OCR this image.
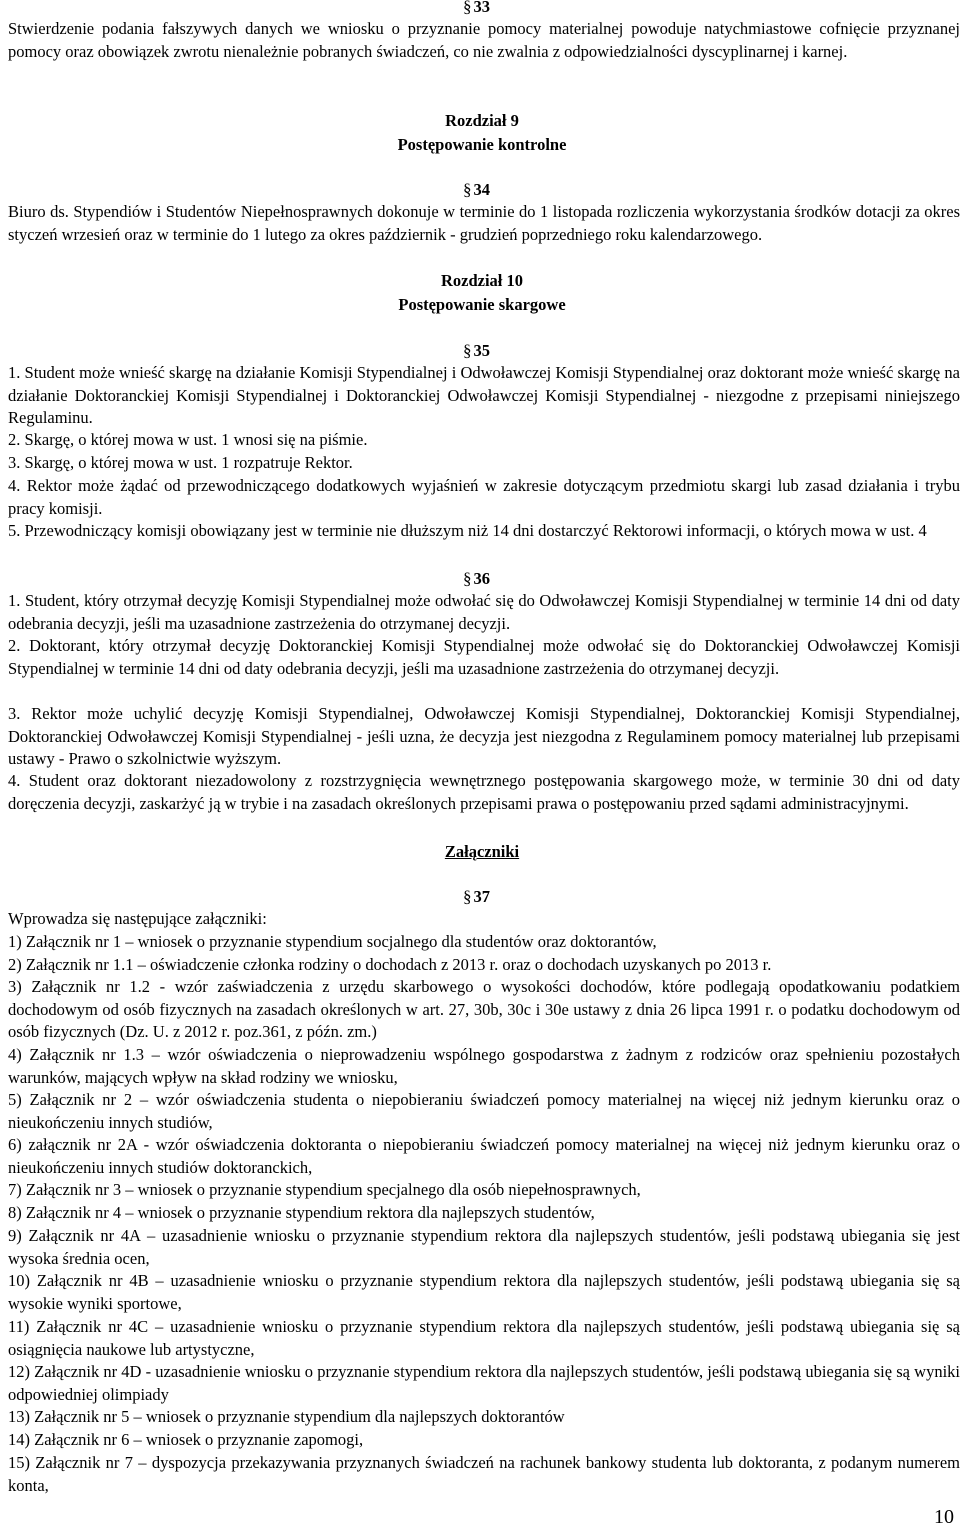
§ 33
Stwierdzenie podania fałszywych danych we wniosku o przyznanie pomocy materialnej powoduje natychmiastowe cofnięcie przyznanej pomocy oraz obowiązek zwrotu nienależnie pobranych świadczeń, co nie zwalnia z odpowiedzialności dyscyplinarnej i karnej.
Rozdział 9
Postępowanie kontrolne
§ 34
Biuro ds. Stypendiów i Studentów Niepełnosprawnych dokonuje w terminie do 1 listopada rozliczenia wykorzystania środków dotacji za okres styczeń wrzesień oraz w terminie do 1 lutego za okres październik - grudzień poprzedniego roku kalendarzowego.
Rozdział 10
Postępowanie skargowe
§ 35
1. Student może wnieść skargę na działanie Komisji Stypendialnej i Odwoławczej Komisji Stypendialnej oraz doktorant może wnieść skargę na działanie Doktoranckiej Komisji Stypendialnej i Doktoranckiej Odwoławczej Komisji Stypendialnej - niezgodne z przepisami niniejszego Regulaminu.
2. Skargę, o której mowa w ust. 1 wnosi się na piśmie.
3. Skargę, o której mowa w ust. 1 rozpatruje Rektor.
4. Rektor może żądać od przewodniczącego dodatkowych wyjaśnień w zakresie dotyczącym przedmiotu skargi lub zasad działania i trybu pracy komisji.
5. Przewodniczący komisji obowiązany jest w terminie nie dłuższym niż 14 dni dostarczyć Rektorowi informacji, o których mowa w ust. 4
§ 36
1. Student, który otrzymał decyzję Komisji Stypendialnej może odwołać się do Odwoławczej Komisji Stypendialnej w terminie 14 dni od daty odebrania decyzji, jeśli ma uzasadnione zastrzeżenia do otrzymanej decyzji.
2. Doktorant, który otrzymał decyzję Doktoranckiej Komisji Stypendialnej może odwołać się do Doktoranckiej Odwoławczej Komisji Stypendialnej w terminie 14 dni od daty odebrania decyzji, jeśli ma uzasadnione zastrzeżenia do otrzymanej decyzji.
3. Rektor może uchylić decyzję Komisji Stypendialnej, Odwoławczej Komisji Stypendialnej, Doktoranckiej Komisji Stypendialnej, Doktoranckiej Odwoławczej Komisji Stypendialnej - jeśli uzna, że decyzja jest niezgodna z Regulaminem pomocy materialnej lub przepisami ustawy - Prawo o szkolnictwie wyższym.
4. Student oraz doktorant niezadowolony z rozstrzygnięcia wewnętrznego postępowania skargowego może, w terminie 30 dni od daty doręczenia decyzji, zaskarżyć ją w trybie i na zasadach określonych przepisami prawa o postępowaniu przed sądami administracyjnymi.
Załączniki
§ 37
Wprowadza się następujące załączniki:
1) Załącznik nr 1 – wniosek o przyznanie stypendium socjalnego dla studentów oraz doktorantów,
2) Załącznik nr 1.1 – oświadczenie członka rodziny o dochodach z 2013 r. oraz o dochodach uzyskanych po 2013 r.
3) Załącznik nr 1.2 - wzór zaświadczenia z urzędu skarbowego o wysokości dochodów, które podlegają opodatkowaniu podatkiem dochodowym od osób fizycznych na zasadach określonych w art. 27, 30b, 30c i 30e ustawy z dnia 26 lipca 1991 r. o podatku dochodowym od osób fizycznych (Dz. U. z 2012 r. poz.361, z późn. zm.)
4) Załącznik nr 1.3 – wzór oświadczenia o nieprowadzeniu wspólnego gospodarstwa z żadnym z rodziców oraz spełnieniu pozostałych warunków, mających wpływ na skład rodziny we wniosku,
5) Załącznik nr 2 – wzór oświadczenia studenta o niepobieraniu świadczeń pomocy materialnej na więcej niż jednym kierunku oraz o nieukończeniu innych studiów,
6) załącznik nr 2A - wzór oświadczenia doktoranta o niepobieraniu świadczeń pomocy materialnej na więcej niż jednym kierunku oraz o nieukończeniu innych studiów doktoranckich,
7) Załącznik nr 3 – wniosek o przyznanie stypendium specjalnego dla osób niepełnosprawnych,
8) Załącznik nr 4 – wniosek o przyznanie stypendium rektora dla najlepszych studentów,
9) Załącznik nr 4A – uzasadnienie wniosku o przyznanie stypendium rektora dla najlepszych studentów, jeśli podstawą ubiegania się jest wysoka średnia ocen,
10) Załącznik nr 4B – uzasadnienie wniosku o przyznanie stypendium rektora dla najlepszych studentów, jeśli podstawą ubiegania się są wysokie wyniki sportowe,
11) Załącznik nr 4C – uzasadnienie wniosku o przyznanie stypendium rektora dla najlepszych studentów, jeśli podstawą ubiegania się są osiągnięcia naukowe lub artystyczne,
12) Załącznik nr 4D - uzasadnienie wniosku o przyznanie stypendium rektora dla najlepszych studentów, jeśli podstawą ubiegania się są wyniki odpowiedniej olimpiady
13) Załącznik nr 5 – wniosek o przyznanie stypendium dla najlepszych doktorantów
14) Załącznik nr 6 – wniosek o przyznanie zapomogi,
15) Załącznik nr 7 – dyspozycja przekazywania przyznanych świadczeń na rachunek bankowy studenta lub doktoranta, z podanym numerem konta,
10
